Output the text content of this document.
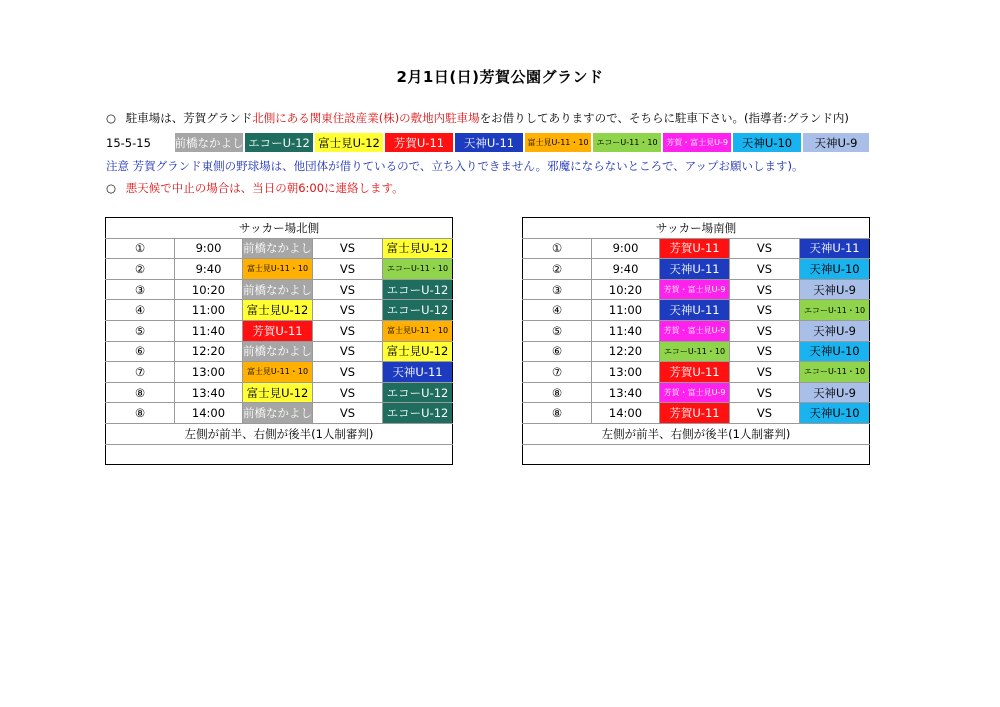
2月1日(日)芳賀公園グランド
○ 駐車場は、芳賀グランド北側にある関東住設産業(株)の敷地内駐車場をお借りしてありますので、そちらに駐車下さい。(指導者:グランド内)
15-5-15	前橋なかよし エコーU-12 富士見U-12	芳賀U-11	天神U-11	富士見U-11・10 エコーU-11・10	芳賀・富士見U-9	天神U-10	天神U-9
注意 芳賀グランド東側の野球場は、他団体が借りているので、立ち入りできません。邪魔にならないところで、アップお願いします)。
○ 悪天候で中止の場合は、当日の朝6:00に連絡します。
サッカー場北側				
①	9:00	前橋なかよし	VS	富士見U-12
②	9:40	富士見U-11・10	VS	エコーU-11・10
③	10:20	前橋なかよし	VS	エコーU-12
④	11:00	富士見U-12	VS	エコーU-12
⑤	11:40	芳賀U-11	VS	富士見U-11・10
⑥	12:20	前橋なかよし	VS	富士見U-12
⑦	13:00	富士見U-11・10	VS	天神U-11
⑧	13:40	富士見U-12	VS	エコーU-12
⑧	14:00	前橋なかよし	VS	エコーU-12
左側が前半、右側が後半(1人制審判)				

サッカー場南側				
①	9:00	芳賀U-11	VS	天神U-11
②	9:40	天神U-11	VS	天神U-10
③	10:20	芳賀・富士見U-9	VS	天神U-9
④	11:00	天神U-11	VS	エコーU-11・10
⑤	11:40	芳賀・富士見U-9	VS	天神U-9
⑥	12:20	エコーU-11・10	VS	天神U-10
⑦	13:00	芳賀U-11	VS	エコーU-11・10
⑧	13:40	芳賀・富士見U-9	VS	天神U-9
⑧	14:00	芳賀U-11	VS	天神U-10
左側が前半、右側が後半(1人制審判)				
